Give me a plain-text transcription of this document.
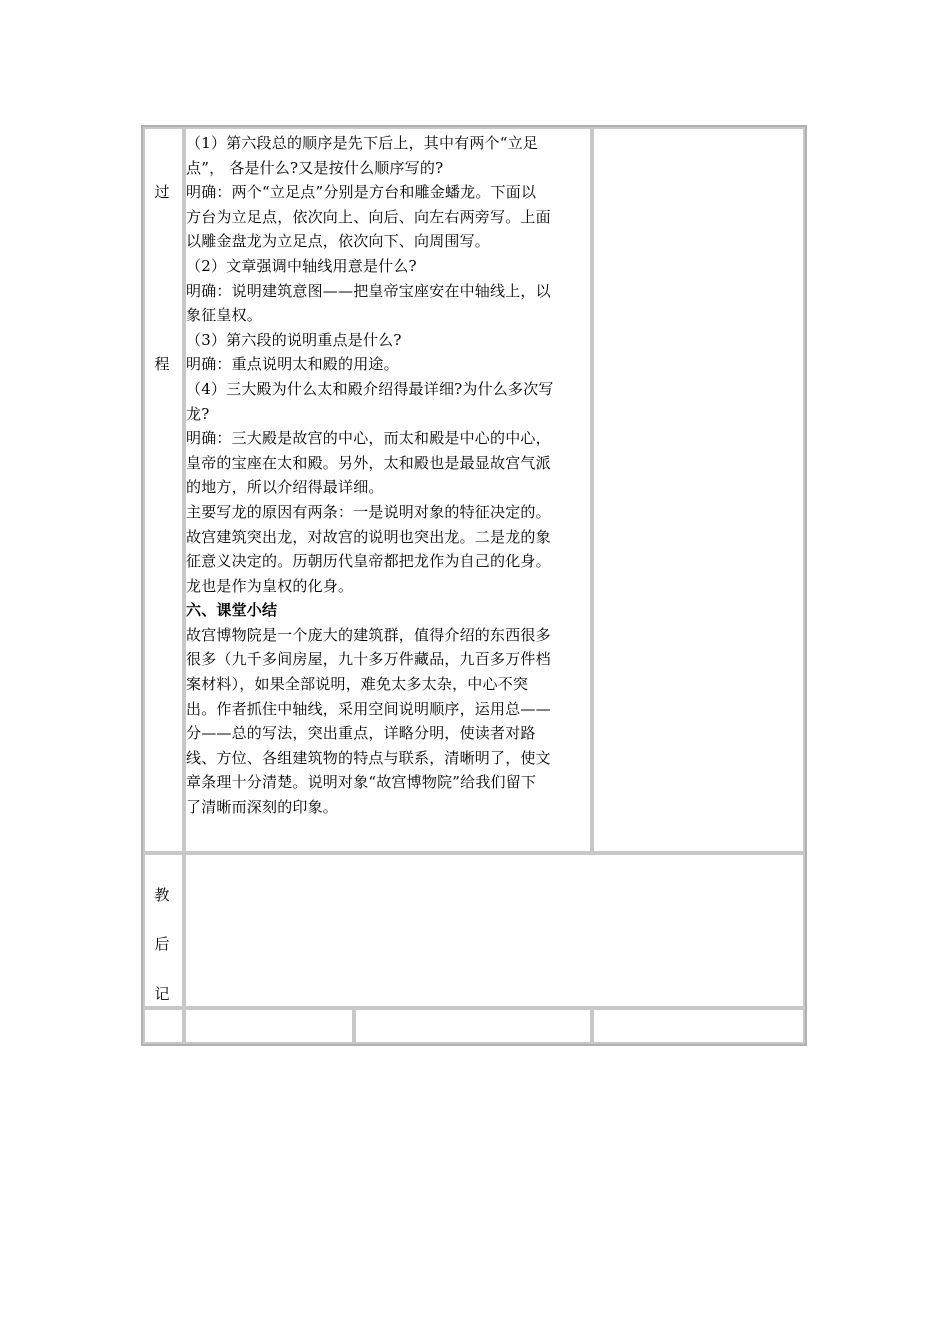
过
程
教
后
记

（1）第六段总的顺序是先下后上，其中有两个“立足

点”， 各是什么?又是按什么顺序写的?

明确：两个“立足点”分别是方台和雕金蟠龙。下面以

方台为立足点，依次向上、向后、向左右两旁写。上面

以雕金盘龙为立足点，依次向下、向周围写。

（2）文章强调中轴线用意是什么?

明确：说明建筑意图——把皇帝宝座安在中轴线上，以

象征皇权。

（3）第六段的说明重点是什么?

明确：重点说明太和殿的用途。

（4）三大殿为什么太和殿介绍得最详细?为什么多次写

龙?

明确：三大殿是故宫的中心，而太和殿是中心的中心，

皇帝的宝座在太和殿。另外，太和殿也是最显故宫气派

的地方，所以介绍得最详细。

主要写龙的原因有两条：一是说明对象的特征决定的。

故宫建筑突出龙，对故宫的说明也突出龙。二是龙的象

征意义决定的。历朝历代皇帝都把龙作为自己的化身。

龙也是作为皇权的化身。

六、课堂小结

故宫博物院是一个庞大的建筑群，值得介绍的东西很多

很多（九千多间房屋，九十多万件藏品，九百多万件档

案材料），如果全部说明，难免太多太杂，中心不突

出。作者抓住中轴线，采用空间说明顺序，运用总——

分——总的写法，突出重点，详略分明，使读者对路

线、方位、各组建筑物的特点与联系，清晰明了，使文

章条理十分清楚。说明对象“故宫博物院”给我们留下

了清晰而深刻的印象。
